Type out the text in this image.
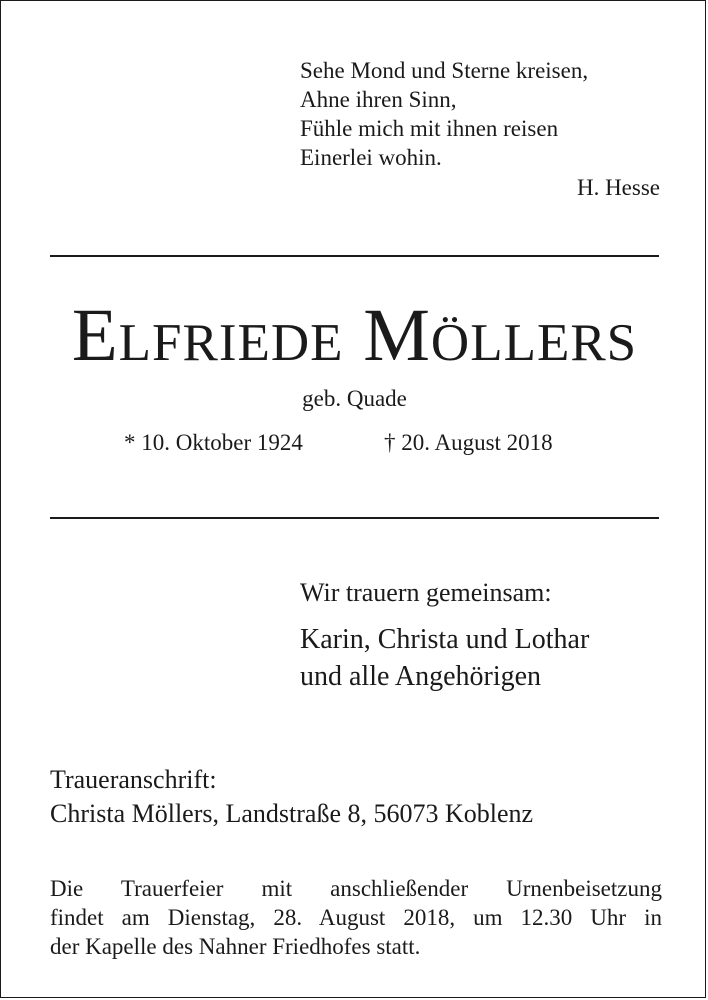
Sehe Mond und Sterne kreisen,
Ahne ihren Sinn,
Fühle mich mit ihnen reisen
Einerlei wohin.
H. Hesse
Elfriede Möllers
geb. Quade
* 10. Oktober 1924	† 20. August 2018
Wir trauern gemeinsam:
Karin, Christa und Lothar
und alle Angehörigen
Traueranschrift:
Christa Möllers, Landstraße 8, 56073 Koblenz
Die Trauerfeier mit anschließender Urnenbeisetzung
findet am Dienstag, 28. August 2018, um 12.30 Uhr in
der Kapelle des Nahner Friedhofes statt.
